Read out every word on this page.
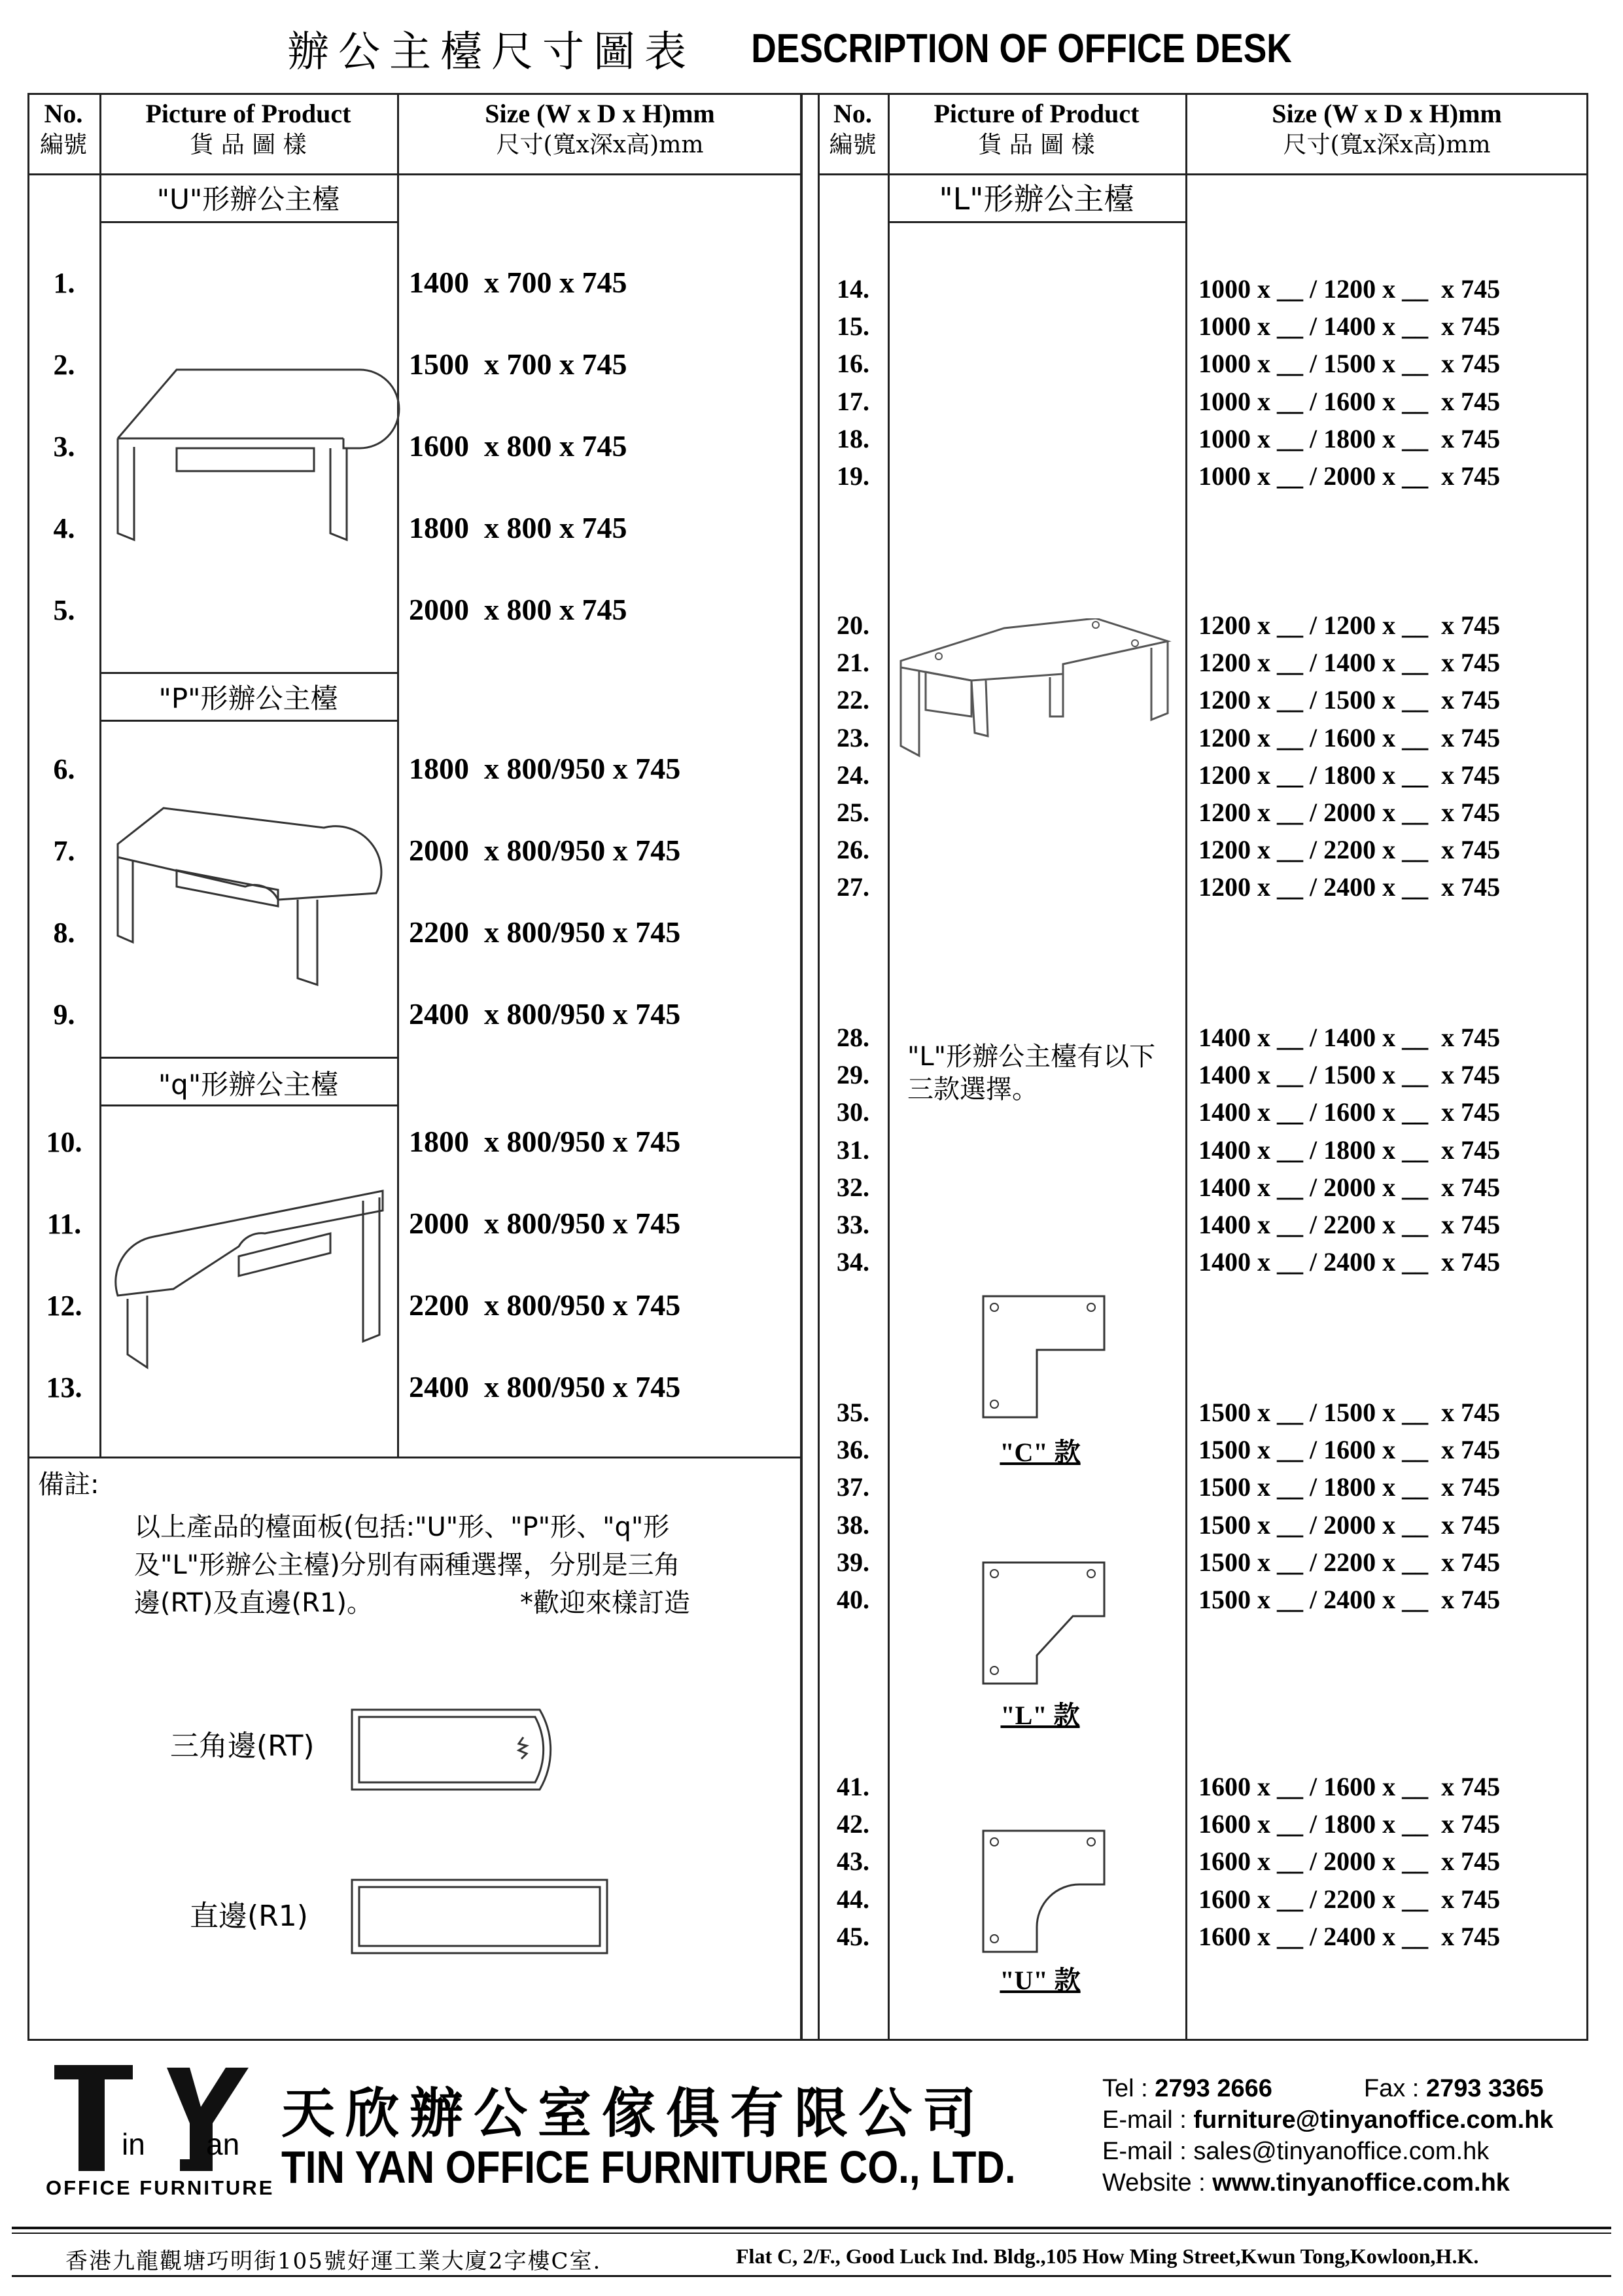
辦公主檯尺寸圖表 DESCRIPTION OF OFFICE DESK
No.
編號
Picture of Product
貨 品 圖 樣
Size (W x D x H)mm
尺寸(寬x深x高)mm
No.
編號
Picture of Product
貨 品 圖 樣
Size (W x D x H)mm
尺寸(寬x深x高)mm
"U"形辦公主檯
"P"形辦公主檯
"q"形辦公主檯
1.	1400  x 700 x 745
2.	1500  x 700 x 745
3.	1600  x 800 x 745
4.	1800  x 800 x 745
5.	2000  x 800 x 745
6.	1800  x 800/950 x 745
7.	2000  x 800/950 x 745
8.	2200  x 800/950 x 745
9.	2400  x 800/950 x 745
10.	1800  x 800/950 x 745
11.	2000  x 800/950 x 745
12.	2200  x 800/950 x 745
13.	2400  x 800/950 x 745
備註:
以上產品的檯面板(包括:"U"形、"P"形、"q"形
及"L"形辦公主檯)分別有兩種選擇，分別是三角
邊(RT)及直邊(R1)。	*歡迎來樣訂造
三角邊(RT)
直邊(R1)
"L"形辦公主檯
14.	1000 x __ / 1200 x __  x 745
15.	1000 x __ / 1400 x __  x 745
16.	1000 x __ / 1500 x __  x 745
17.	1000 x __ / 1600 x __  x 745
18.	1000 x __ / 1800 x __  x 745
19.	1000 x __ / 2000 x __  x 745
20.	1200 x __ / 1200 x __  x 745
21.	1200 x __ / 1400 x __  x 745
22.	1200 x __ / 1500 x __  x 745
23.	1200 x __ / 1600 x __  x 745
24.	1200 x __ / 1800 x __  x 745
25.	1200 x __ / 2000 x __  x 745
26.	1200 x __ / 2200 x __  x 745
27.	1200 x __ / 2400 x __  x 745
28.	1400 x __ / 1400 x __  x 745
29.	1400 x __ / 1500 x __  x 745
30.	1400 x __ / 1600 x __  x 745
31.	1400 x __ / 1800 x __  x 745
32.	1400 x __ / 2000 x __  x 745
33.	1400 x __ / 2200 x __  x 745
34.	1400 x __ / 2400 x __  x 745
35.	1500 x __ / 1500 x __  x 745
36.	1500 x __ / 1600 x __  x 745
37.	1500 x __ / 1800 x __  x 745
38.	1500 x __ / 2000 x __  x 745
39.	1500 x __ / 2200 x __  x 745
40.	1500 x __ / 2400 x __  x 745
41.	1600 x __ / 1600 x __  x 745
42.	1600 x __ / 1800 x __  x 745
43.	1600 x __ / 2000 x __  x 745
44.	1600 x __ / 2200 x __  x 745
45.	1600 x __ / 2400 x __  x 745
"L"形辦公主檯有以下
三款選擇。
"C" 款
"L" 款
"U" 款
in an
OFFICE FURNITURE
天欣辦公室傢俱有限公司
TIN YAN OFFICE FURNITURE CO., LTD.
Tel : 2793 2666	Fax : 2793 3365
E-mail : furniture@tinyanoffice.com.hk
E-mail : sales@tinyanoffice.com.hk
Website : www.tinyanoffice.com.hk
香港九龍觀塘巧明街105號好運工業大廈2字樓C室.	Flat C, 2/F., Good Luck Ind. Bldg.,105 How Ming Street,Kwun Tong,Kowloon,H.K.
